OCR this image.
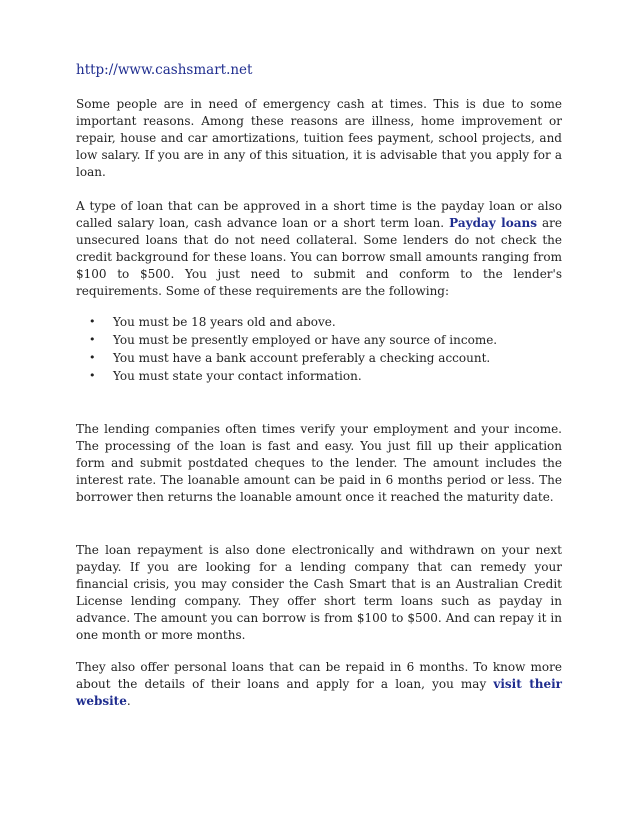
http://www.cashsmart.net

Some people are in need of emergency cash at times. This is due to some important reasons. Among these reasons are illness, home improvement or repair, house and car amortizations, tuition fees payment, school projects, and low salary. If you are in any of this situation, it is advisable that you apply for a loan.

A type of loan that can be approved in a short time is the payday loan or also called salary loan, cash advance loan or a short term loan. Payday loans are unsecured loans that do not need collateral. Some lenders do not check the credit background for these loans. You can borrow small amounts ranging from $100 to $500. You just need to submit and conform to the lender's requirements. Some of these requirements are the following:

• You must be 18 years old and above.
• You must be presently employed or have any source of income.
• You must have a bank account preferably a checking account.
• You must state your contact information.

The lending companies often times verify your employment and your income. The processing of the loan is fast and easy. You just fill up their application form and submit postdated cheques to the lender. The amount includes the interest rate. The loanable amount can be paid in 6 months period or less. The borrower then returns the loanable amount once it reached the maturity date.

The loan repayment is also done electronically and withdrawn on your next payday. If you are looking for a lending company that can remedy your financial crisis, you may consider the Cash Smart that is an Australian Credit License lending company. They offer short term loans such as payday in advance. The amount you can borrow is from $100 to $500. And can repay it in one month or more months.

They also offer personal loans that can be repaid in 6 months. To know more about the details of their loans and apply for a loan, you may visit their website.
